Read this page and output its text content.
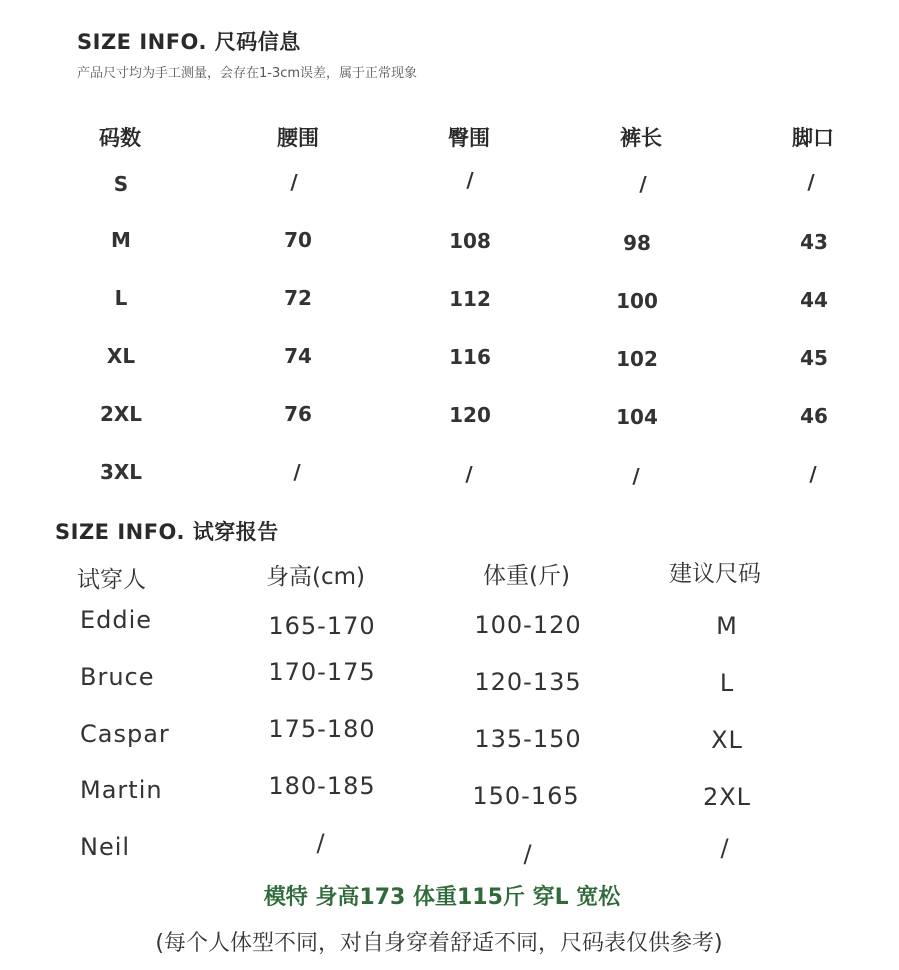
SIZE INFO. 尺码信息
产品尺寸均为手工测量，会存在1-3cm误差，属于正常现象
码数	腰围	臀围	裤长	脚口
S	/	/	/	/
M	70	108	98	43
L	72	112	100	44
XL	74	116	102	45
2XL	76	120	104	46
3XL	/	/	/	/
SIZE INFO. 试穿报告
试穿人	身高(cm)	体重(斤)	建议尺码
Eddie	165-170	100-120	M
Bruce	170-175	120-135	L
Caspar	175-180	135-150	XL
Martin	180-185	150-165	2XL
Neil	/	/	/
模特 身高173 体重115斤 穿L 宽松
(每个人体型不同，对自身穿着舒适不同，尺码表仅供参考)
